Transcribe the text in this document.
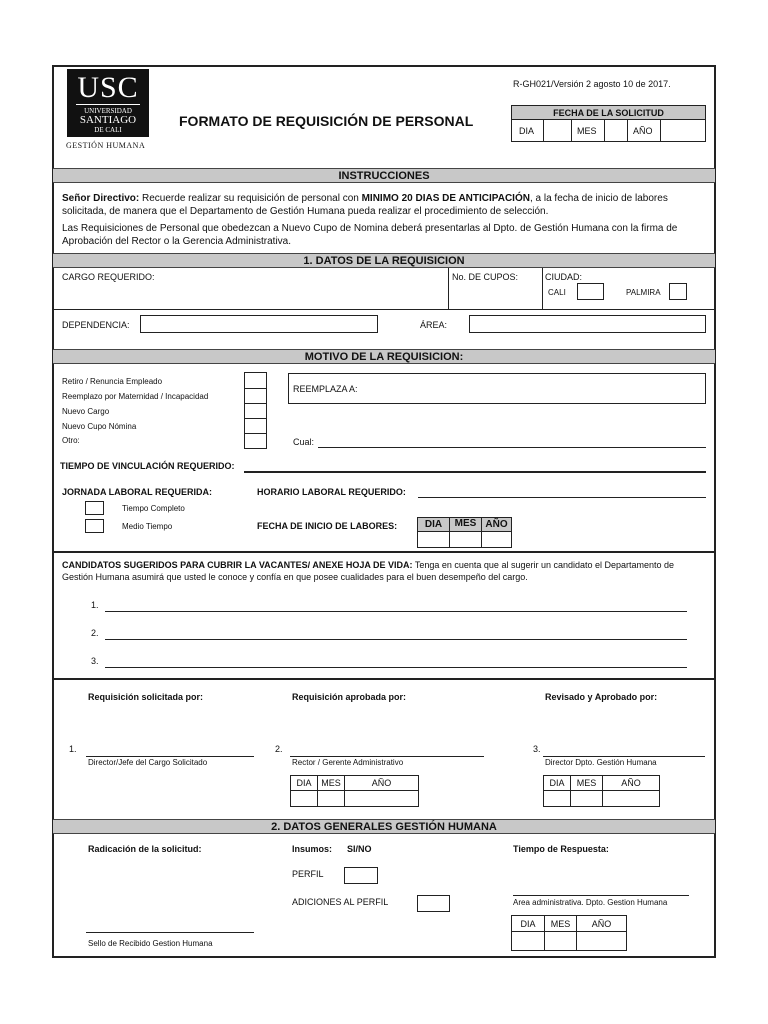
USC
UNIVERSIDAD
SANTIAGO
DE CALI
GESTIÓN HUMANA
FORMATO DE REQUISICIÓN DE PERSONAL
R-GH021/Versión 2 agosto 10 de 2017.
FECHA DE LA SOLICITUD
DIA	MES	AÑO
INSTRUCCIONES
Señor Directivo: Recuerde realizar su requisición de personal con MINIMO 20 DIAS DE ANTICIPACIÓN, a la fecha de inicio de labores solicitada, de manera que el Departamento de Gestión Humana pueda realizar el procedimiento de selección.
Las Requisiciones de Personal que obedezcan a Nuevo Cupo de Nomina deberá presentarlas al Dpto. de Gestión Humana con la firma de Aprobación del Rector o la Gerencia Administrativa.
1. DATOS DE LA REQUISICION
CARGO REQUERIDO:	No. DE CUPOS:	CIUDAD:
CALI	PALMIRA
DEPENDENCIA:	ÁREA:
MOTIVO DE LA REQUISICION:
Retiro / Renuncia Empleado
Reemplazo por Maternidad / Incapacidad
Nuevo Cargo
Nuevo Cupo Nómina
Otro:
REEMPLAZA A:
Cual:
TIEMPO DE VINCULACIÓN REQUERIDO:
JORNADA LABORAL REQUERIDA:
Tiempo Completo
Medio Tiempo
HORARIO LABORAL REQUERIDO:
FECHA DE INICIO DE LABORES:	DIA	MES AÑO
CANDIDATOS SUGERIDOS PARA CUBRIR LA VACANTES/ ANEXE HOJA DE VIDA: Tenga en cuenta que al sugerir un candidato el Departamento de Gestión Humana asumirá que usted le conoce y confía en que posee cualidades para el buen desempeño del cargo.
1.
2.
3.
Requisición solicitada por:	Requisición aprobada por:	Revisado y Aprobado por:
1.
Director/Jefe del Cargo Solicitado
2.
Rector / Gerente Administrativo
3.
Director Dpto. Gestión Humana
DIA	MES	AÑO	DIA	MES	AÑO
2. DATOS GENERALES GESTIÓN HUMANA
Radicación de la solicitud:	Insumos: SI/NO	Tiempo de Respuesta:
PERFIL
ADICIONES AL PERFIL	Area administrativa. Dpto. Gestion Humana
DIA	MES	AÑO
Sello de Recibido Gestion Humana
